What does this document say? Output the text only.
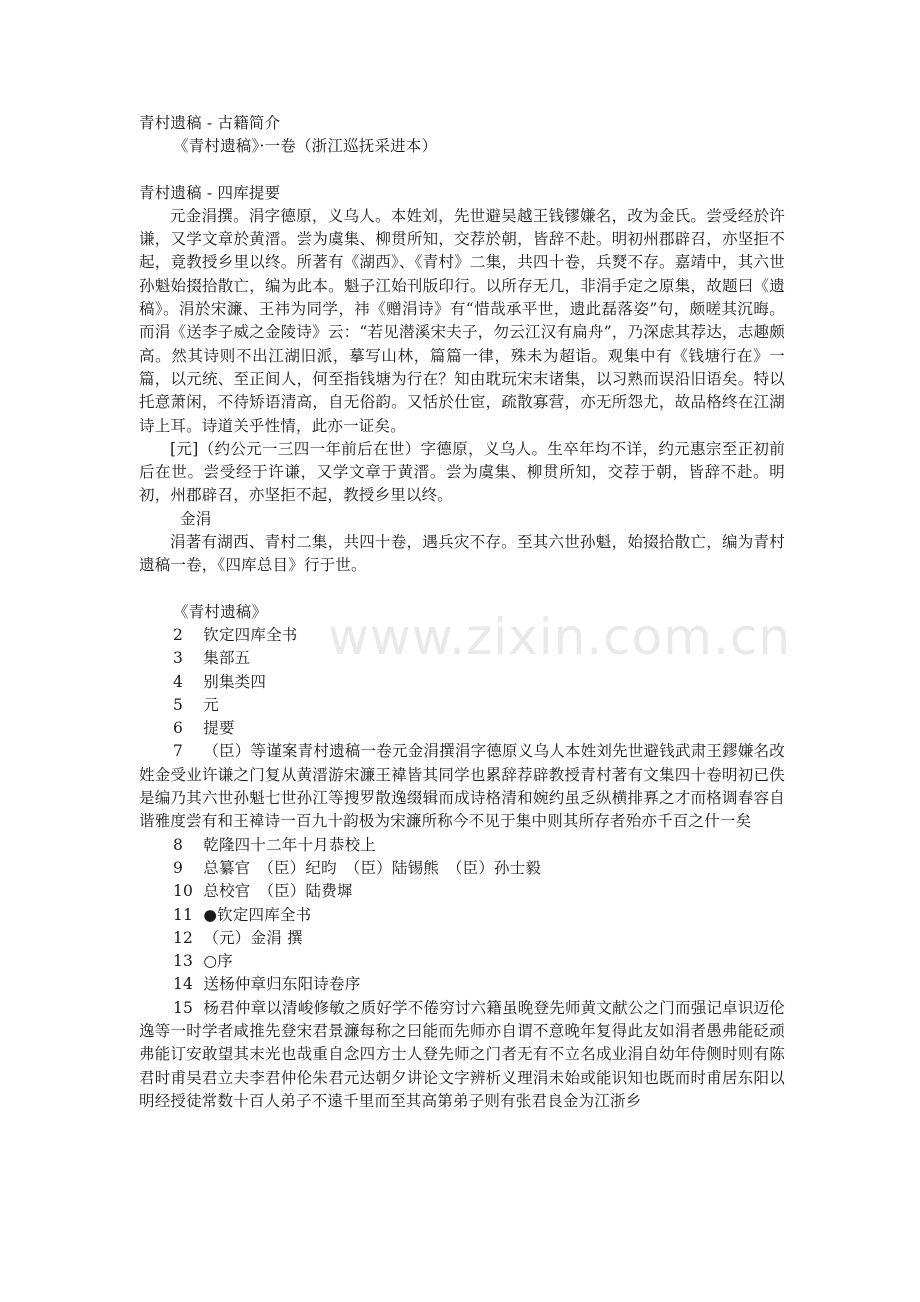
www.zixin.com.cn

青村遗稿 - 古籍简介

《青村遗稿》·一卷（浙江巡抚采进本）

青村遗稿 - 四库提要

元金涓撰。涓字德原，义乌人。本姓刘，先世避吴越王钱镠嫌名，改为金氏。尝受经於许谦，又学文章於黄溍。尝为虞集、柳贯所知，交荐於朝，皆辞不赴。明初州郡辟召，亦坚拒不起，竟教授乡里以终。所著有《湖西》、《青村》二集，共四十卷，兵燹不存。嘉靖中，其六世孙魁始掇拾散亡，编为此本。魁子江始刊版印行。以所存无几，非涓手定之原集，故题曰《遗稿》。涓於宋濂、王祎为同学，祎《赠涓诗》有“惜哉承平世，遗此磊落姿”句，颇嗟其沉晦。而涓《送李子威之金陵诗》云：“若见潜溪宋夫子，勿云江汉有扁舟”，乃深虑其荐达，志趣颇高。然其诗则不出江湖旧派，摹写山林，篇篇一律，殊未为超诣。观集中有《钱塘行在》一篇，以元统、至正间人，何至指钱塘为行在？知由耽玩宋末诸集，以习熟而误沿旧语矣。特以托意萧闲，不待矫语清高，自无俗韵。又恬於仕宦，疏散寡营，亦无所怨尤，故品格终在江湖诗上耳。诗道关乎性情，此亦一证矣。

[元]（约公元一三四一年前后在世）字德原，义乌人。生卒年均不详，约元惠宗至正初前后在世。尝受经于许谦，又学文章于黄溍。尝为虞集、柳贯所知，交荐于朝，皆辞不赴。明初，州郡辟召，亦坚拒不起，教授乡里以终。

金涓

涓著有湖西、青村二集，共四十卷，遇兵灾不存。至其六世孙魁，始掇拾散亡，编为青村遗稿一卷，《四库总目》行于世。

《青村遗稿》

2 钦定四库全书

3 集部五

4 别集类四

5 元

6 提要

7 （臣）等谨案青村遗稿一卷元金涓撰涓字德原义乌人本姓刘先世避钱武肃王鏐嫌名改姓金受业许谦之门复从黄溍游宋濂王褘皆其同学也累辞荐辟教授青村著有文集四十卷明初已佚是编乃其六世孙魁七世孙江等搜罗散逸缀辑而成诗格清和婉约虽乏纵横排奡之才而格调春容自谐雅度尝有和王褘诗一百九十韵极为宋濂所称今不见于集中则其所存者殆亦千百之什一矣

8 乾隆四十二年十月恭校上

9 总纂官　（臣）纪昀　（臣）陆锡熊　（臣）孙士毅

10 总校官　（臣）陆费墀

11 ●钦定四库全书

12 （元）金涓 撰

13 ○序

14 送杨仲章归东阳诗卷序

15 杨君仲章以清峻修敏之质好学不倦穷讨六籍虽晚登先师黄文献公之门而强记卓识迈伦逸等一时学者咸推先登宋君景濂每称之曰能而先师亦自谓不意晚年复得此友如涓者愚弗能砭顽弗能订安敢望其末光也哉重自念四方士人登先师之门者无有不立名成业涓自幼年侍侧时则有陈君时甫吴君立夫李君仲伦朱君元达朝夕讲论文字辨析义理涓未始或能识知也既而时甫居东阳以明经授徒常数十百人弟子不遠千里而至其高第弟子则有张君良金为江浙乡
